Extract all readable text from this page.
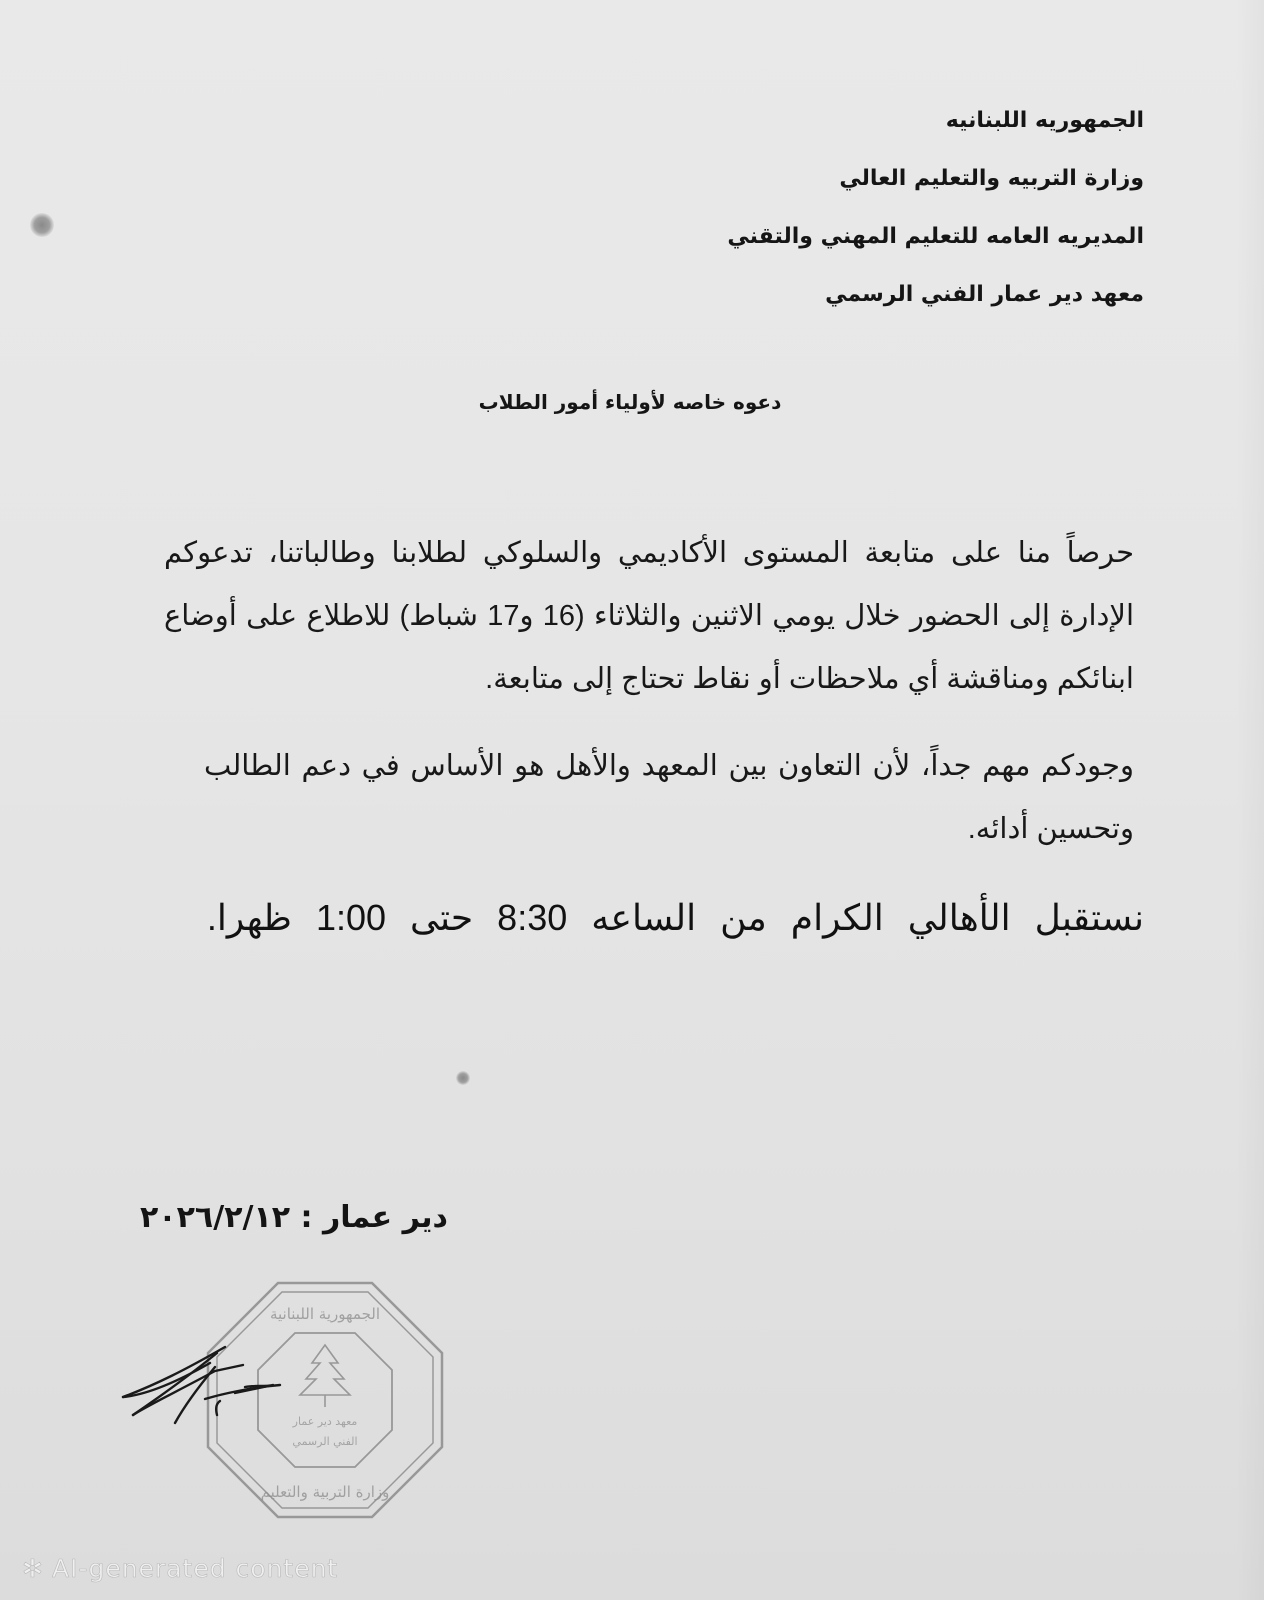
الجمهوريه اللبنانيه
وزارة التربيه والتعليم العالي
المديريه العامه للتعليم المهني والتقني
معهد دير عمار الفني الرسمي
دعوه خاصه لأولياء أمور الطلاب
حرصاً منا على متابعة المستوى الأكاديمي والسلوكي لطلابنا وطالباتنا، تدعوكم الإدارة إلى الحضور خلال يومي الاثنين والثلاثاء (16 و17 شباط) للاطلاع على أوضاع ابنائكم ومناقشة أي ملاحظات أو نقاط تحتاج إلى متابعة.
وجودكم مهم جداً، لأن التعاون بين المعهد والأهل هو الأساس في دعم الطالب وتحسين أدائه.
نستقبل الأهالي الكرام من الساعه 8:30 حتى 1:00 ظهرا.
دير عمار : ٢٠٢٦/٢/١٢
معهد دير عمار
الفني الرسمي
الجمهورية اللبنانية
وزارة التربية والتعليم
✲ AI-generated content
